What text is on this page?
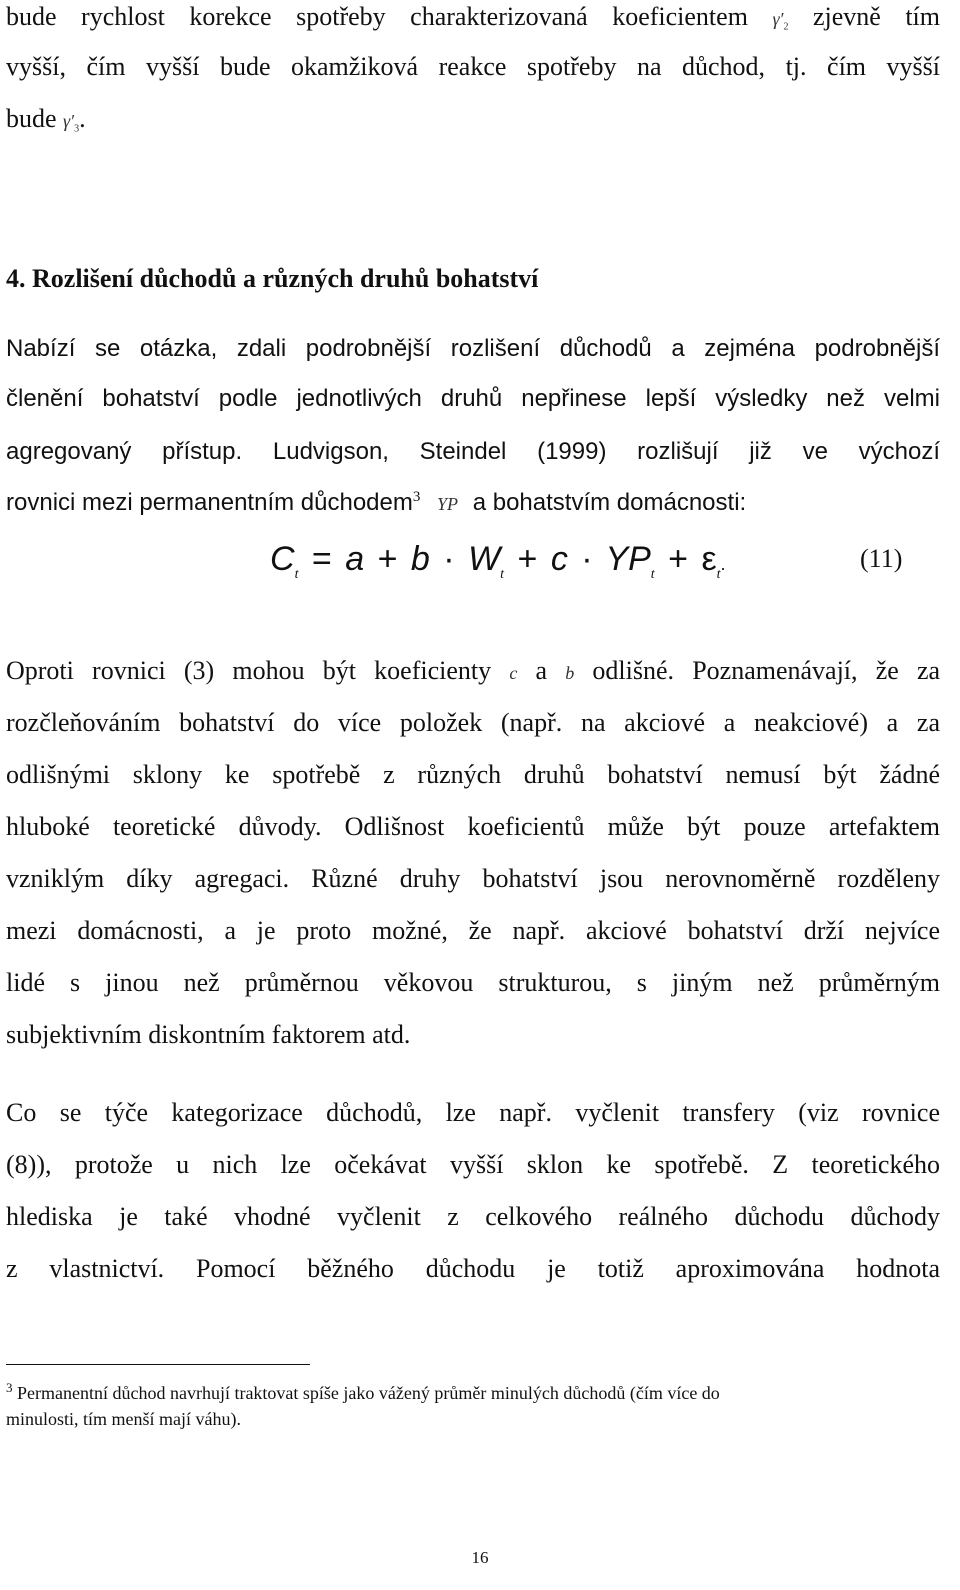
bude rychlost korekce spotřeby charakterizovaná koeficientem $\gamma'_2$ zjevně tím
vyšší, čím vyšší bude okamžiková reakce spotřeby na důchod, tj. čím vyšší
bude $\gamma'_3$.
4. Rozlišení důchodů a různých druhů bohatství
Nabízí se otázka, zdali podrobnější rozlišení důchodů a zejména podrobnější
členění bohatství podle jednotlivých druhů nepřinese lepší výsledky než velmi
agregovaný přístup. Ludvigson, Steindel (1999) rozlišují již ve výchozí
rovnici mezi permanentním důchodem$^3$ YP a bohatstvím domácnosti:
$C_t = a + b \cdot W_t + c \cdot YP_t + \varepsilon_t$.	(11)
Oproti rovnici (3) mohou být koeficienty c a b odlišné. Poznamenávají, že za
rozčleňováním bohatství do více položek (např. na akciové a neakciové) a za
odlišnými sklony ke spotřebě z různých druhů bohatství nemusí být žádné
hluboké teoretické důvody. Odlišnost koeficientů může být pouze artefaktem
vzniklým díky agregaci. Různé druhy bohatství jsou nerovnoměrně rozděleny
mezi domácnosti, a je proto možné, že např. akciové bohatství drží nejvíce
lidé s jinou než průměrnou věkovou strukturou, s jiným než průměrným
subjektivním diskontním faktorem atd.
Co se týče kategorizace důchodů, lze např. vyčlenit transfery (viz rovnice
(8)), protože u nich lze očekávat vyšší sklon ke spotřebě. Z teoretického
hlediska je také vhodné vyčlenit z celkového reálného důchodu důchody
z vlastnictví. Pomocí běžného důchodu je totiž aproximována hodnota
$^3$ Permanentní důchod navrhují traktovat spíše jako vážený průměr minulých důchodů (čím více do
minulosti, tím menší mají váhu).
16
